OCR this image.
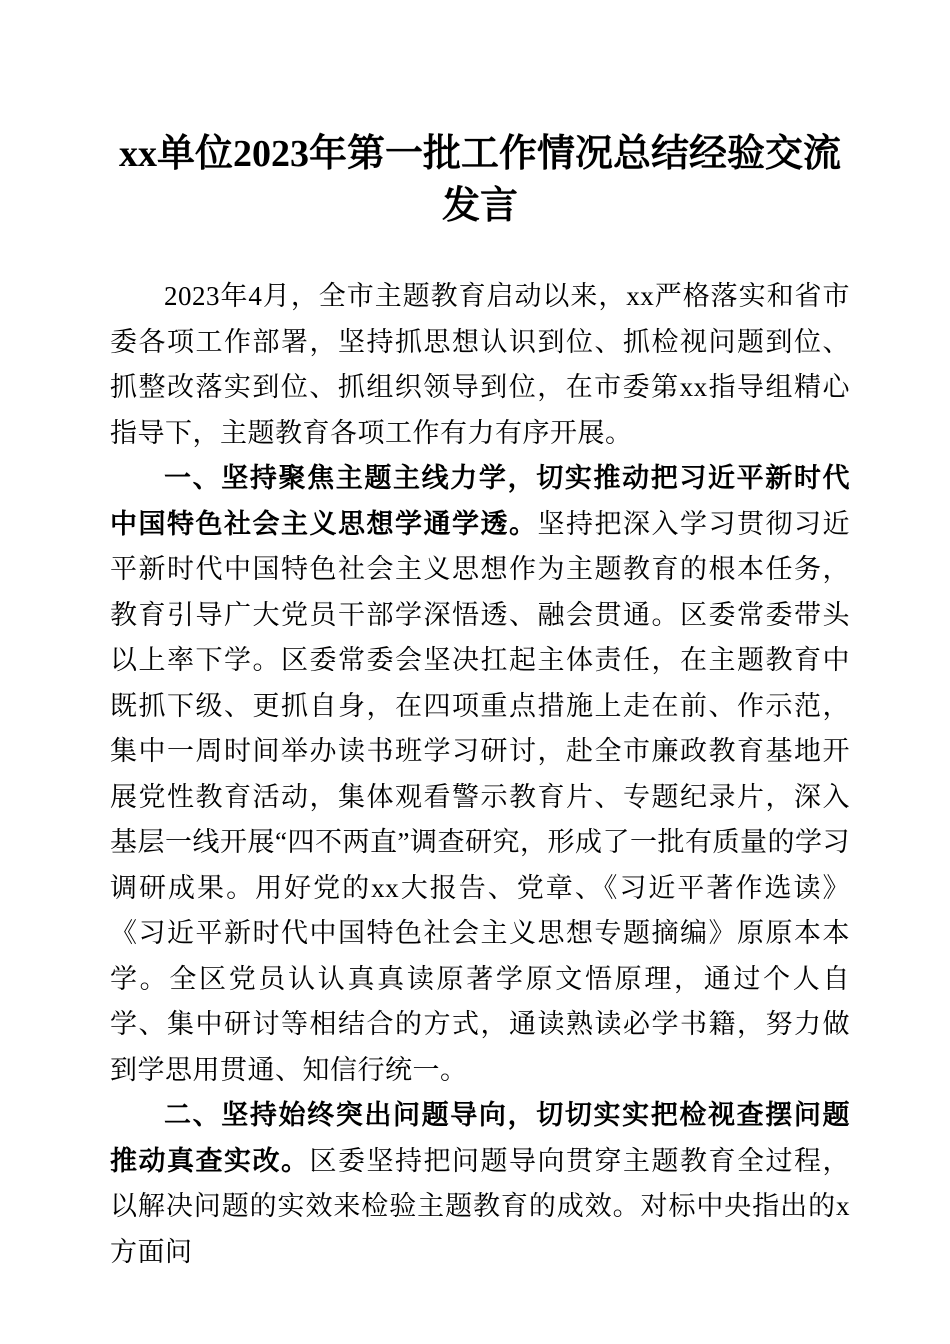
xx单位2023年第一批工作情况总结经验交流发言

2023年4月，全市主题教育启动以来，xx严格落实和省市委各项工作部署，坚持抓思想认识到位、抓检视问题到位、抓整改落实到位、抓组织领导到位，在市委第xx指导组精心指导下，主题教育各项工作有力有序开展。

一、坚持聚焦主题主线力学，切实推动把习近平新时代中国特色社会主义思想学通学透。坚持把深入学习贯彻习近平新时代中国特色社会主义思想作为主题教育的根本任务，教育引导广大党员干部学深悟透、融会贯通。区委常委带头以上率下学。区委常委会坚决扛起主体责任，在主题教育中既抓下级、更抓自身，在四项重点措施上走在前、作示范，集中一周时间举办读书班学习研讨，赴全市廉政教育基地开展党性教育活动，集体观看警示教育片、专题纪录片，深入基层一线开展“四不两直”调查研究，形成了一批有质量的学习调研成果。用好党的xx大报告、党章、《习近平著作选读》《习近平新时代中国特色社会主义思想专题摘编》原原本本学。全区党员认认真真读原著学原文悟原理，通过个人自学、集中研讨等相结合的方式，通读熟读必学书籍，努力做到学思用贯通、知信行统一。

二、坚持始终突出问题导向，切切实实把检视查摆问题推动真查实改。区委坚持把问题导向贯穿主题教育全过程，以解决问题的实效来检验主题教育的成效。对标中央指出的x方面问
